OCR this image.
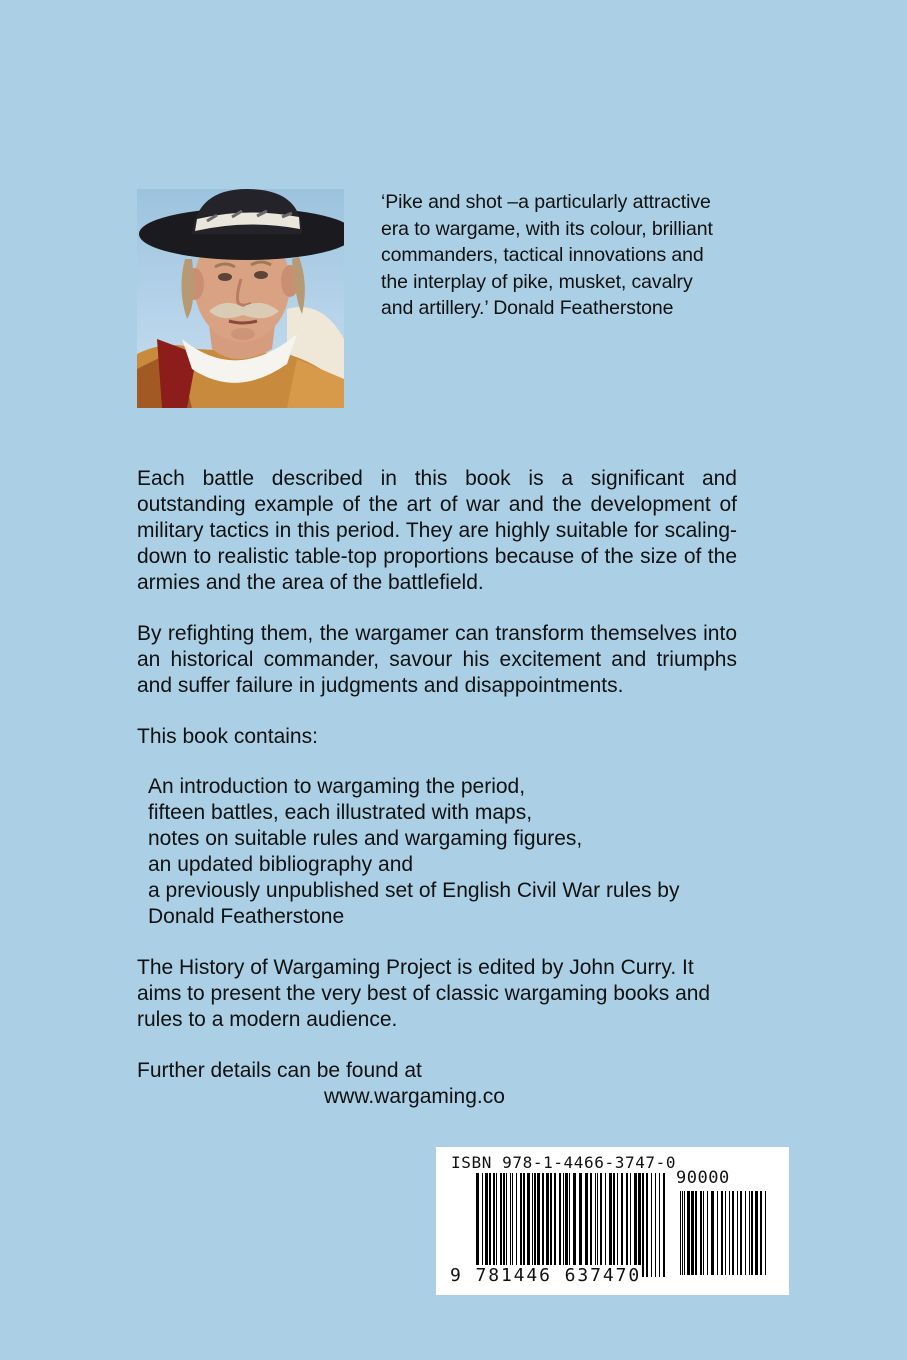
‘Pike and shot –a particularly attractive

era to wargame, with its colour, brilliant

commanders, tactical innovations and

the interplay of pike, musket, cavalry

and artillery.’ Donald Featherstone

Each battle described in this book is a significant and outstanding example of the art of war and the development of military tactics in this period. They are highly suitable for scaling-down to realistic table-top proportions because of the size of the armies and the area of the battlefield.

By refighting them, the wargamer can transform themselves into an historical commander, savour his excitement and triumphs and suffer failure in judgments and disappointments.

This book contains:

An introduction to wargaming the period,
fifteen battles, each illustrated with maps,
notes on suitable rules and wargaming figures,
an updated bibliography and
a previously unpublished set of English Civil War rules by
Donald Featherstone

The History of Wargaming Project is edited by John Curry. It aims to present the very best of classic wargaming books and rules to a modern audience.

Further details can be found at

www.wargaming.co

ISBN 978-1-4466-3747-0
90000
9 781446 637470
